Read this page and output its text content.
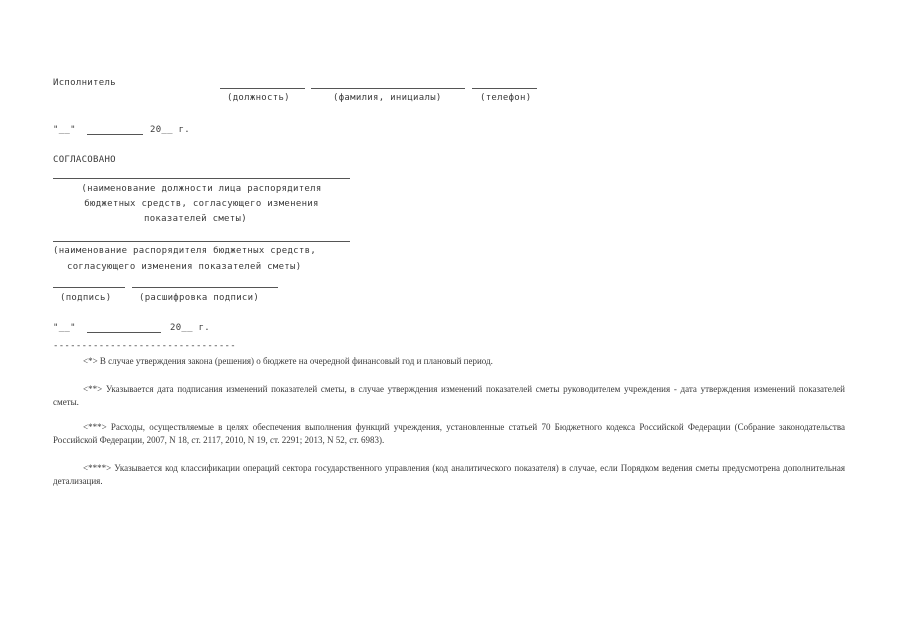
Исполнитель
(должность)	(фамилия, инициалы)	(телефон)
"__"	20__ г.
СОГЛАСОВАНО
(наименование должности лица распорядителя
бюджетных средств, согласующего изменения
показателей сметы)
(наименование распорядителя бюджетных средств,
согласующего изменения показателей сметы)
(подпись)	(расшифровка подписи)
"__"	20__ г.
--------------------------------
<*> В случае утверждения закона (решения) о бюджете на очередной финансовый год и плановый период.
<**> Указывается дата подписания изменений показателей сметы, в случае утверждения изменений показателей сметы руководителем учреждения - дата утверждения изменений показателей сметы.
<***> Расходы, осуществляемые в целях обеспечения выполнения функций учреждения, установленные статьей 70 Бюджетного кодекса Российской Федерации (Собрание законодательства Российской Федерации, 2007, N 18, ст. 2117, 2010, N 19, ст. 2291; 2013, N 52, ст. 6983).
<****> Указывается код классификации операций сектора государственного управления (код аналитического показателя) в случае, если Порядком ведения сметы предусмотрена дополнительная детализация.
